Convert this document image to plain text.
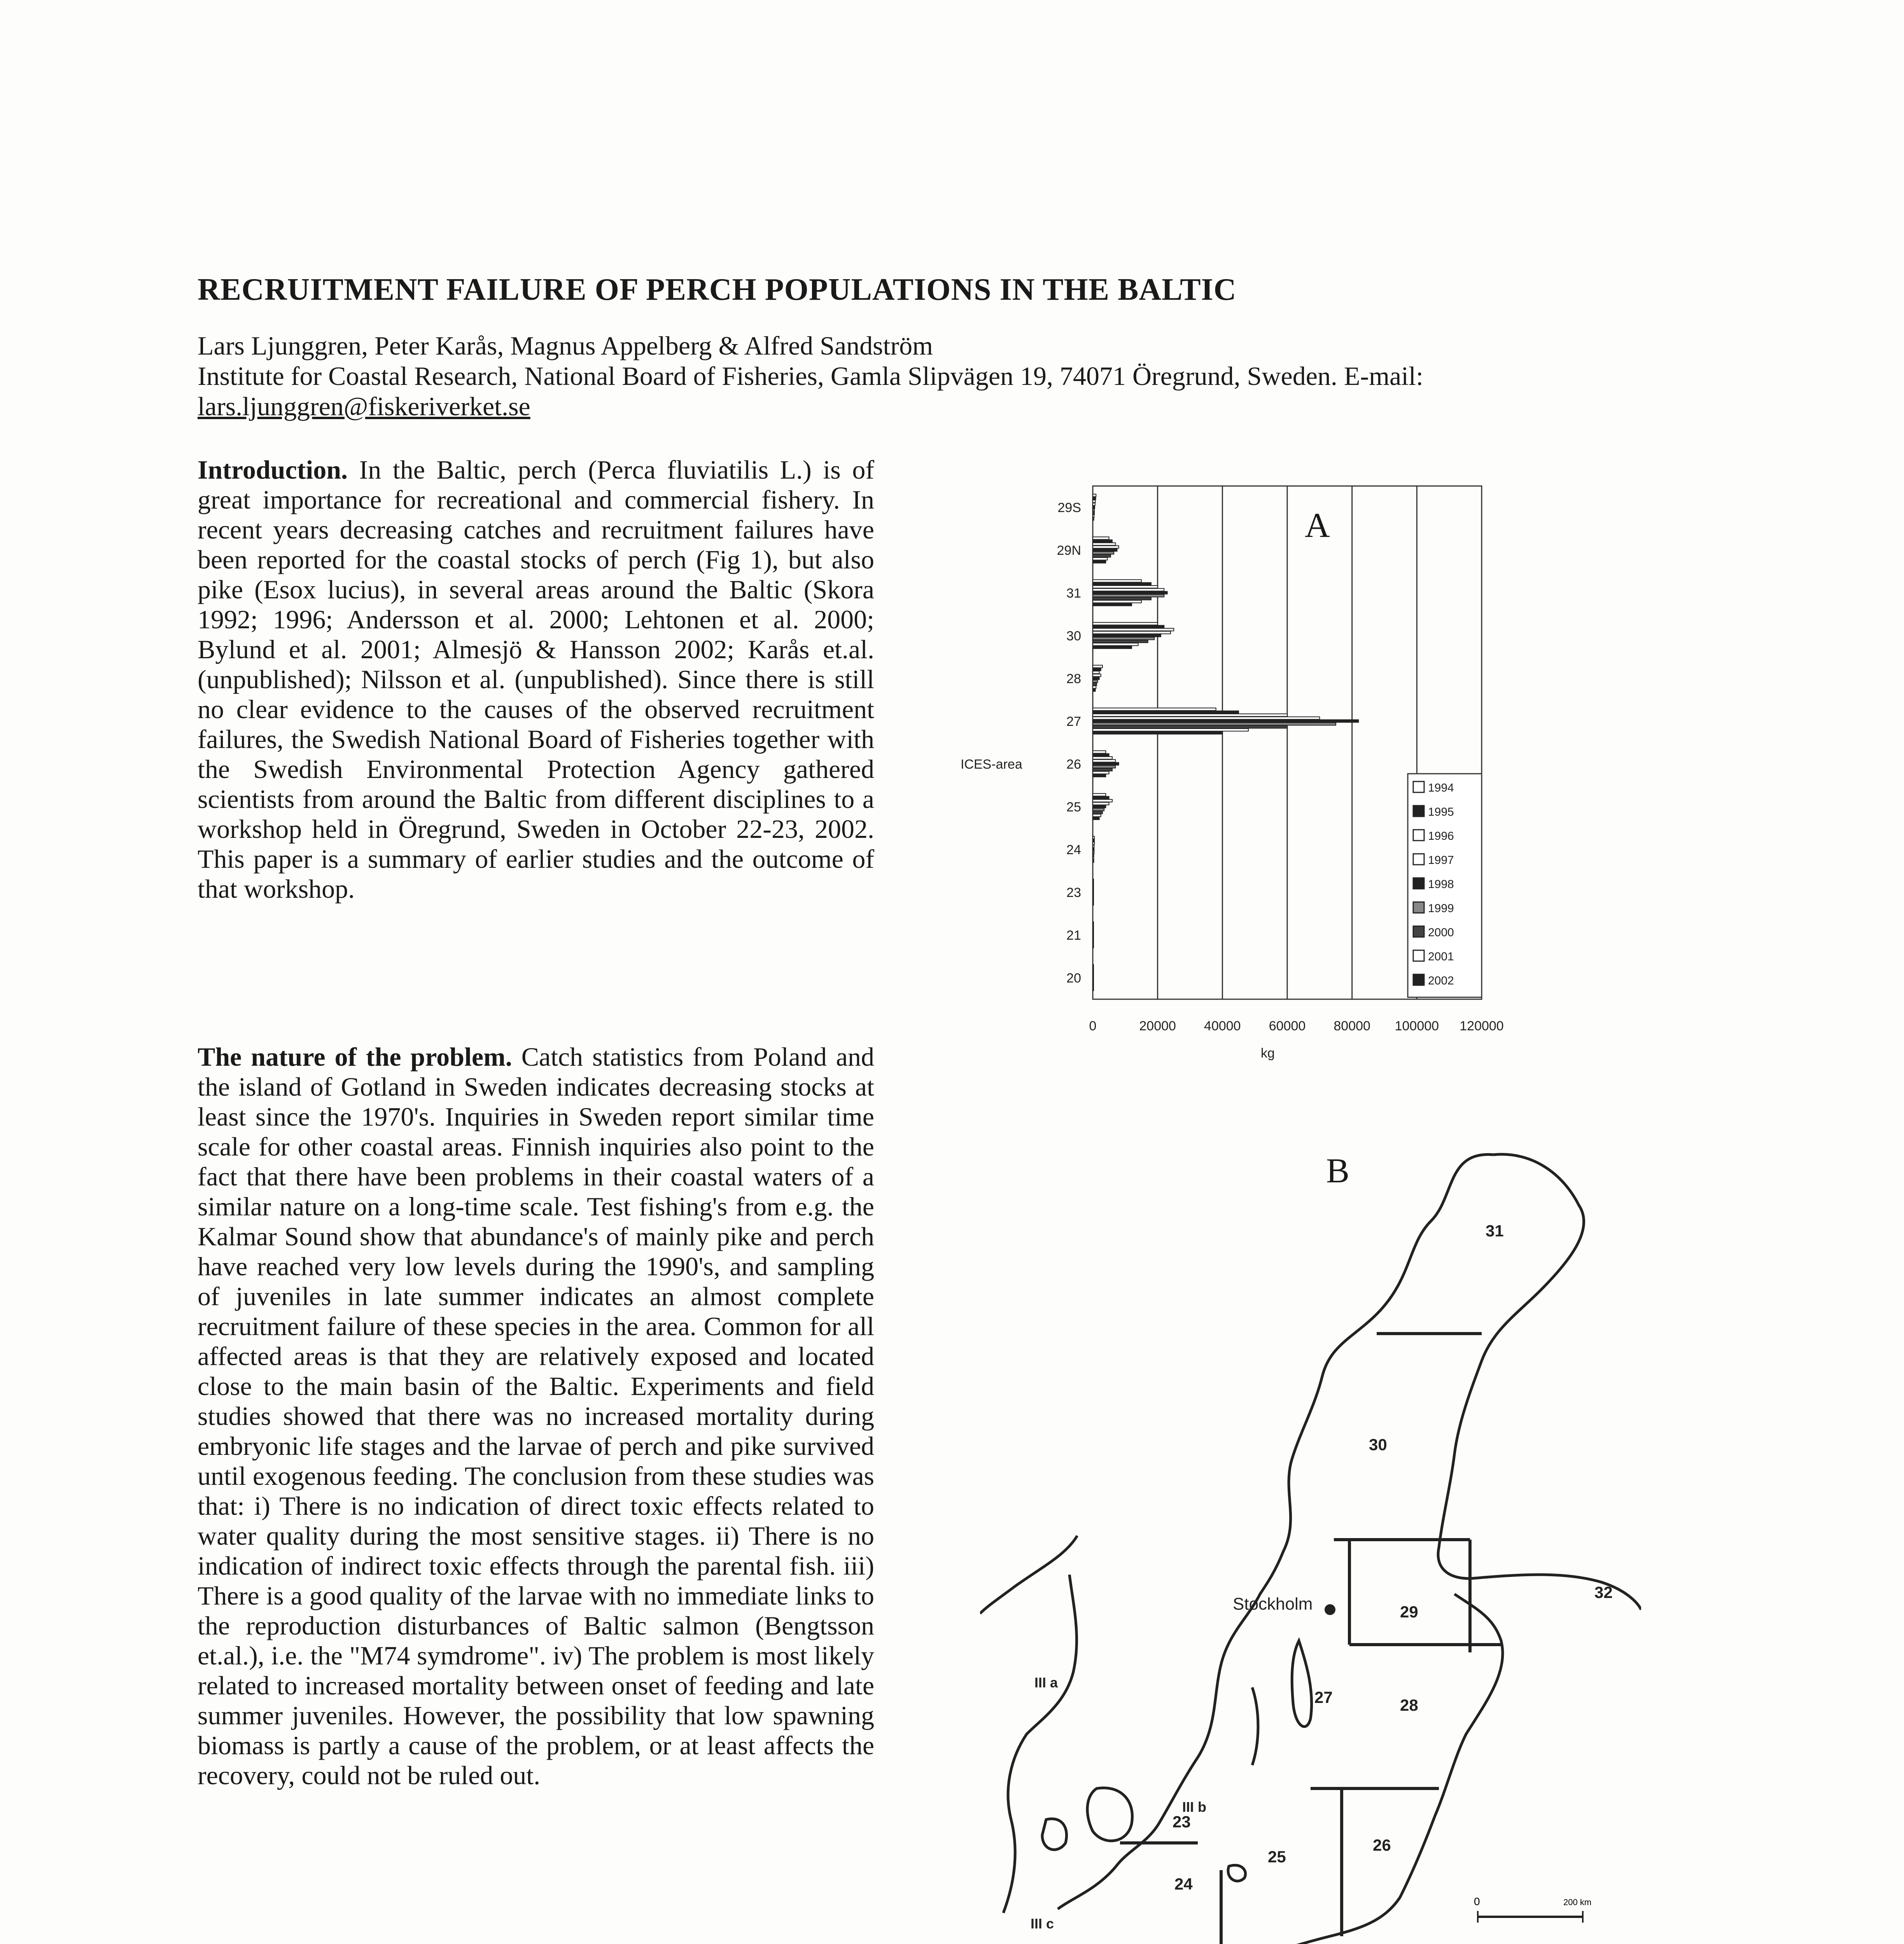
RECRUITMENT FAILURE OF PERCH POPULATIONS IN THE BALTIC
Lars Ljunggren, Peter Karås, Magnus Appelberg & Alfred Sandström
Institute for Coastal Research, National Board of Fisheries, Gamla Slipvägen 19, 74071 Öregrund, Sweden. E-mail:
lars.ljunggren@fiskeriverket.se

Introduction. In the Baltic, perch (Perca fluviatilis L.) is of great importance for recreational and commercial fishery. In recent years decreasing catches and recruitment failures have been reported for the coastal stocks of perch (Fig 1), but also pike (Esox lucius), in several areas around the Baltic (Skora 1992; 1996; Andersson et al. 2000; Lehtonen et al. 2000; Bylund et al. 2001; Almesjö & Hansson 2002; Karås et.al. (unpublished); Nilsson et al. (unpublished). Since there is still no clear evidence to the causes of the observed recruitment failures, the Swedish National Board of Fisheries together with the Swedish Environmental Protection Agency gathered scientists from around the Baltic from different disciplines to a workshop held in Öregrund, Sweden in October 22-23, 2002. This paper is a summary of earlier studies and the outcome of that workshop.

The nature of the problem. Catch statistics from Poland and the island of Gotland in Sweden indicates decreasing stocks at least since the 1970's. Inquiries in Sweden report similar time scale for other coastal areas. Finnish inquiries also point to the fact that there have been problems in their coastal waters of a similar nature on a long-time scale. Test fishing's from e.g. the Kalmar Sound show that abundance's of mainly pike and perch have reached very low levels during the 1990's, and sampling of juveniles in late summer indicates an almost complete recruitment failure of these species in the area. Common for all affected areas is that they are relatively exposed and located close to the main basin of the Baltic. Experiments and field studies showed that there was no increased mortality during embryonic life stages and the larvae of perch and pike survived until exogenous feeding. The conclusion from these studies was that: i) There is no indication of direct toxic effects related to water quality during the most sensitive stages. ii) There is no indication of indirect toxic effects through the parental fish. iii) There is a good quality of the larvae with no immediate links to the reproduction disturbances of Baltic salmon (Bengtsson et.al.), i.e. the "M74 symdrome". iv) The problem is most likely related to increased mortality between onset of feeding and late summer juveniles. However, the possibility that low spawning biomass is partly a cause of the problem, or at least affects the recovery, could not be ruled out.

0	20000 40000 60000 80000 100000 120000
kg
ICES-area
29S
29N
31
30
28
27
26
25
24
23
21
20
1994
1995
1996
1997
1998
1999
2000
2001
2002
A
31
30
32
29
Stockholm
27	28
26
25
24
23
III b
III a
III c
0	200 km
B
